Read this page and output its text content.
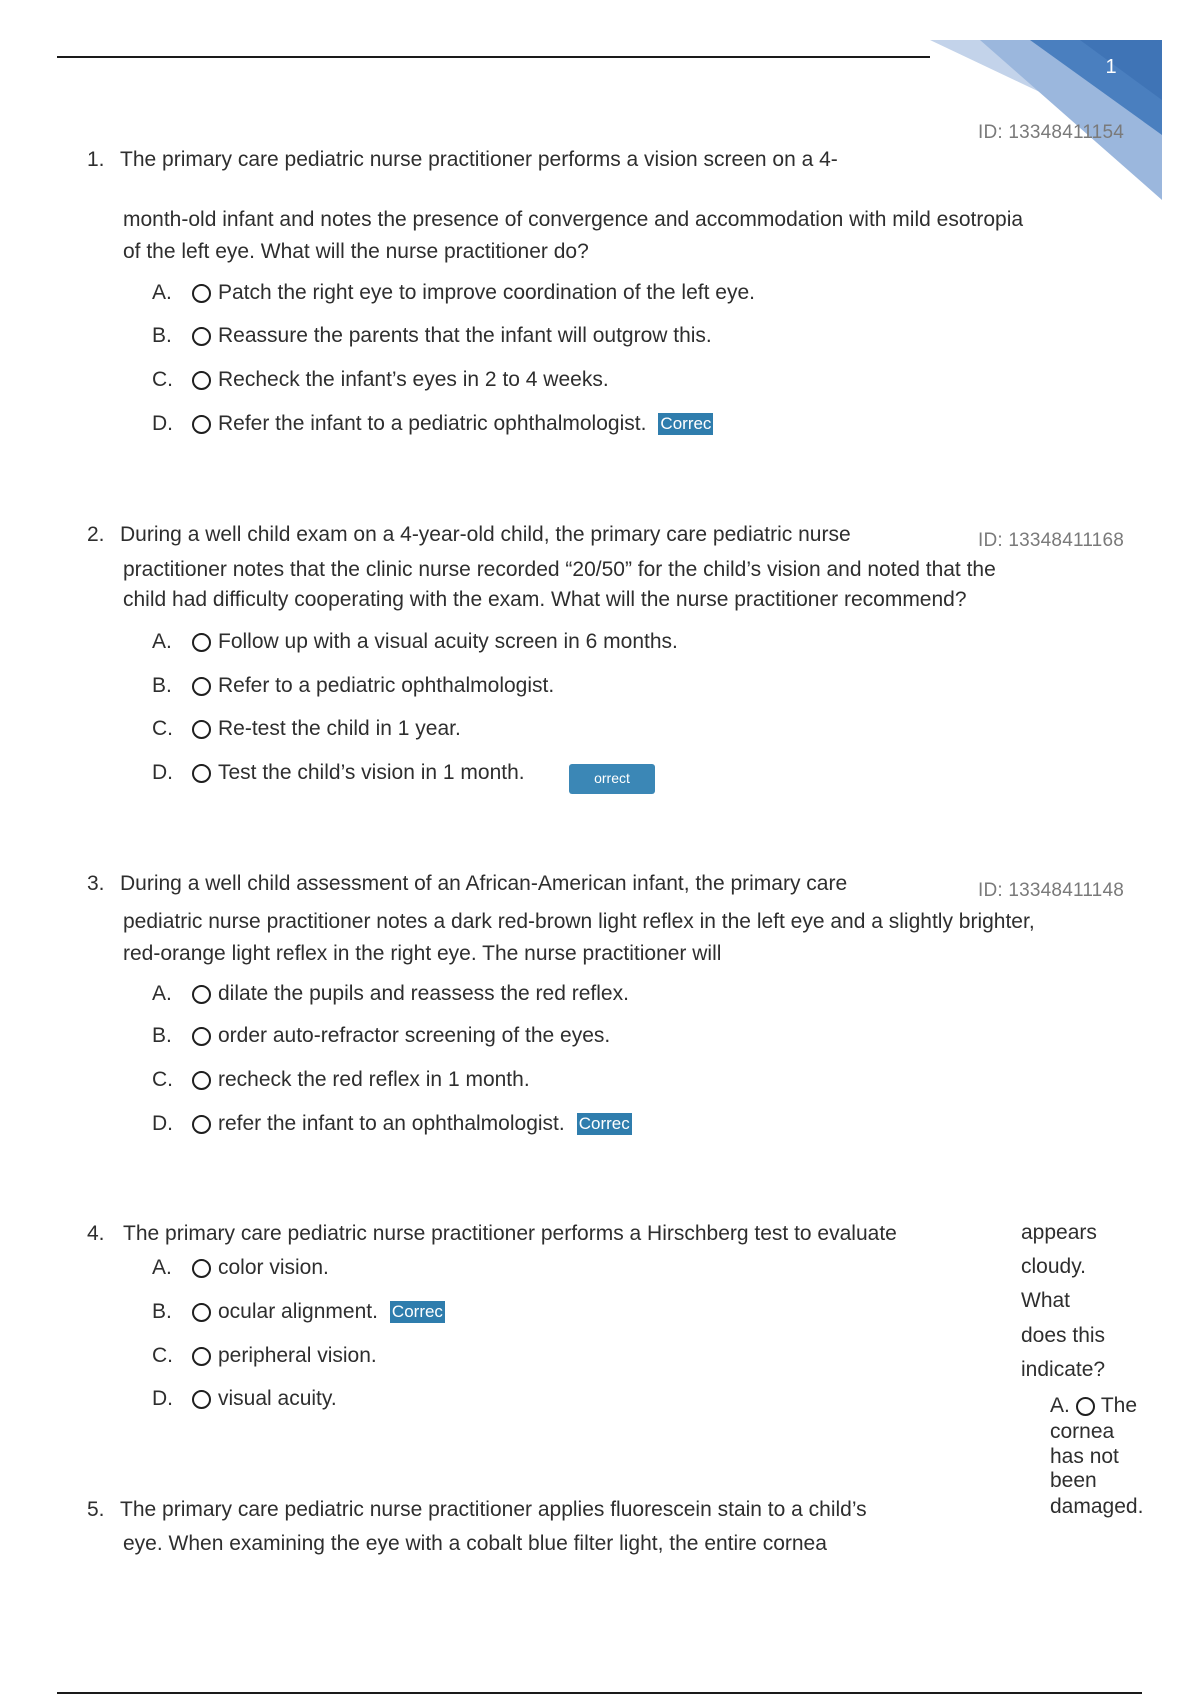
1
ID: 13348411154
1. The primary care pediatric nurse practitioner performs a vision screen on a 4-
month-old infant and notes the presence of convergence and accommodation with mild esotropia
of the left eye. What will the nurse practitioner do?
A.	Patch the right eye to improve coordination of the left eye.
B.	Reassure the parents that the infant will outgrow this.
C.	Recheck the infant’s eyes in 2 to 4 weeks.
D.	Refer the infant to a pediatric ophthalmologist. Correc
ID: 13348411168
2. During a well child exam on a 4-year-old child, the primary care pediatric nurse
practitioner notes that the clinic nurse recorded “20/50” for the child’s vision and noted that the
child had difficulty cooperating with the exam. What will the nurse practitioner recommend?
A.	Follow up with a visual acuity screen in 6 months.
B.	Refer to a pediatric ophthalmologist.
C.	Re-test the child in 1 year.
D.	Test the child’s vision in 1 month.	orrect
ID: 13348411148
3. During a well child assessment of an African-American infant, the primary care
pediatric nurse practitioner notes a dark red-brown light reflex in the left eye and a slightly brighter,
red-orange light reflex in the right eye. The nurse practitioner will
A.	dilate the pupils and reassess the red reflex.
B.	order auto-refractor screening of the eyes.
C.	recheck the red reflex in 1 month.
D.	refer the infant to an ophthalmologist. Correc
4. The primary care pediatric nurse practitioner performs a Hirschberg test to evaluate
A.	color vision.
B.	ocular alignment. Correc
C.	peripheral vision.
D.	visual acuity.
5. The primary care pediatric nurse practitioner applies fluorescein stain to a child’s
eye. When examining the eye with a cobalt blue filter light, the entire cornea
appears
cloudy.
What
does this
indicate?
A. The
cornea
has not
been
damaged.
